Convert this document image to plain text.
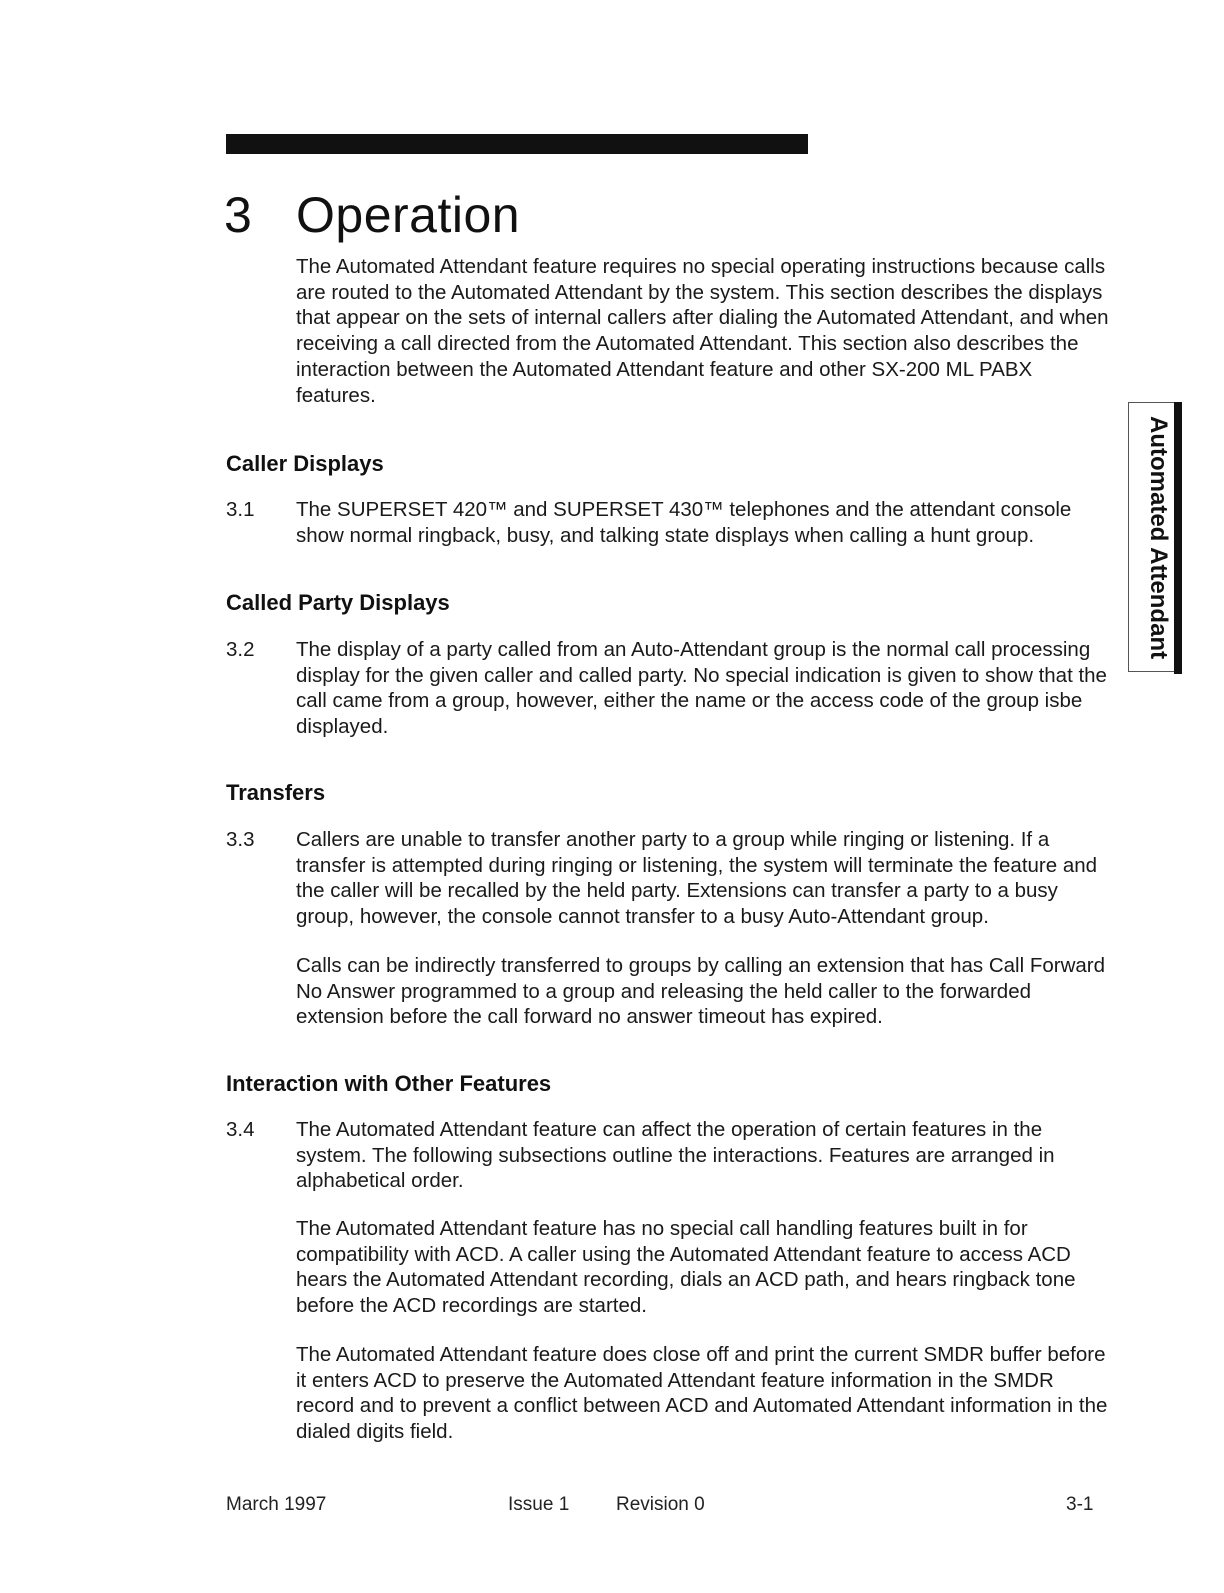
3 Operation

The Automated Attendant feature requires no special operating instructions because calls are routed to the Automated Attendant by the system. This section describes the displays that appear on the sets of internal callers after dialing the Automated Attendant, and when receiving a call directed from the Automated Attendant. This section also describes the interaction between the Automated Attendant feature and other SX-200 ML PABX features.

Automated Attendant
Caller Displays
3.1 The SUPERSET 420™ and SUPERSET 430™ telephones and the attendant console show normal ringback, busy, and talking state displays when calling a hunt group.

Called Party Displays
3.2 The display of a party called from an Auto-Attendant group is the normal call processing display for the given caller and called party. No special indication is given to show that the call came from a group, however, either the name or the access code of the group isbe displayed.

Transfers
3.3 Callers are unable to transfer another party to a group while ringing or listening. If a transfer is attempted during ringing or listening, the system will terminate the feature and the caller will be recalled by the held party. Extensions can transfer a party to a busy group, however, the console cannot transfer to a busy Auto-Attendant group.

Calls can be indirectly transferred to groups by calling an extension that has Call Forward No Answer programmed to a group and releasing the held caller to the forwarded extension before the call forward no answer timeout has expired.

Interaction with Other Features
3.4 The Automated Attendant feature can affect the operation of certain features in the system. The following subsections outline the interactions. Features are arranged in alphabetical order.

The Automated Attendant feature has no special call handling features built in for compatibility with ACD. A caller using the Automated Attendant feature to access ACD hears the Automated Attendant recording, dials an ACD path, and hears ringback tone before the ACD recordings are started.

The Automated Attendant feature does close off and print the current SMDR buffer before it enters ACD to preserve the Automated Attendant feature information in the SMDR record and to prevent a conflict between ACD and Automated Attendant information in the dialed digits field.

March 1997	Issue 1 Revision 0	3-1
